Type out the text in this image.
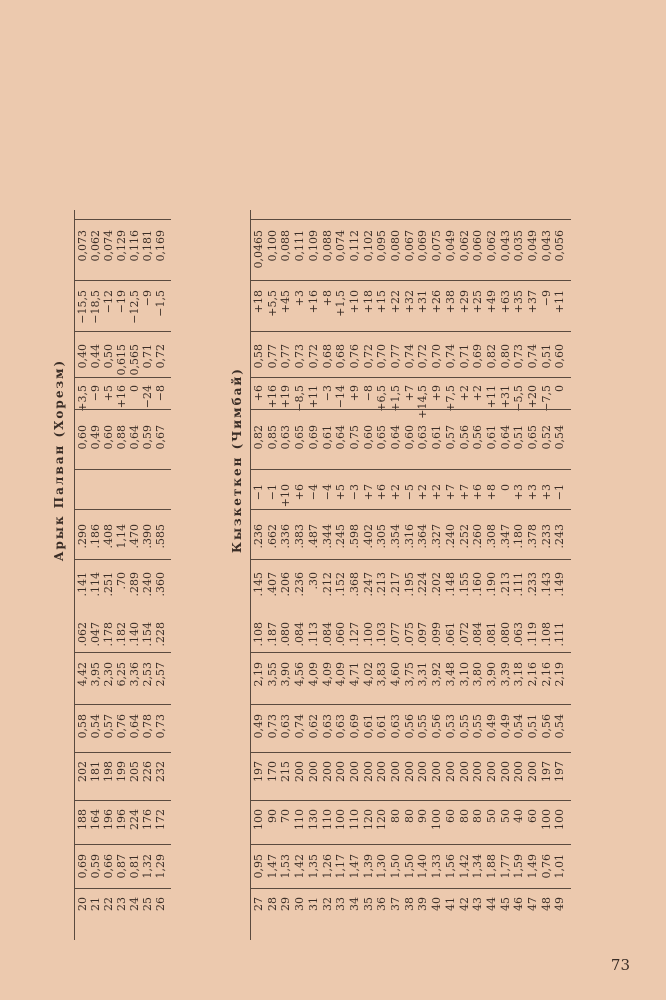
Арык Палван (Хорезм)
20
0,69
188
202
0,58
4,42
.062
.141
.290
0,60
+3,5
0,40
−15,5
0,073
21
0,59
164
181
0,54
3,95
.047
.114
.186
0,49
−9
0,44
−18,5
0,062
22
0,66
196
198
0,57
2,30
.178
.251
.408
0,60
+5
0,50
−12
0,074
23
0,87
196
199
0,76
6,25
.182
.70
1,14
0,88
+16
0,615
−19
0,129
24
0,81
224
205
0,64
3,36
.140
.289
.470
0,64
0
0,565
−12,5
0,116
25
1,32
176
226
0,78
2,53
.154
.240
.390
0,59
−24
0,71
−9
0,181
26
1,29
172
232
0,73
2,57
.228
.360
.585
0,67
−8
0,72
−1,5
0,169
Кызкеткен (Чимбай)
27
0,95
100
197
0,49
2,19
.108
.145
.236
−1
0,82
+6
0,58
+18
0,0465
28
1,47
90
170
0,73
3,55
.187
.407
.662
−1
0,85
+16
0,77
+5,5
0,100
29
1,53
70
215
0,63
3,90
.080
.206
.336
+10
0,63
+19
0,77
+45
0,088
30
1,42
110
200
0,74
4,56
.084
.236
.383
+6
0,65
−8,5
0,73
+3
0,111
31
1,35
130
200
0,62
4,09
.113
.30
.487
−4
0,69
+11
0,72
+16
0,109
32
1,26
110
200
0,63
4,09
.084
.212
.344
−4
0,61
−3
0,68
+8
0,088
33
1,17
100
200
0,63
4,09
.060
.152
.245
+5
0,64
−14
0,68
+1,5
0,074
34
1,47
110
200
0,69
4,71
.127
.368
.598
−3
0,75
+9
0,76
+10
0,112
35
1,39
120
200
0,61
4,02
.100
.247
.402
+7
0,60
−8
0,72
+18
0,102
36
1,30
120
200
0,61
3,83
.103
.213
.305
+6
0,65
+6,5
0,70
+15
0,095
37
1,50
80
200
0,63
4,60
.077
.217
.354
+2
0,64
+1,5
0,77
+22
0,080
38
1,50
80
200
0,56
3,75
.075
.195
.316
−5
0,60
+7
0,74
+32
0,067
39
1,40
90
200
0,55
3,31
.097
.224
.364
+2
0,63
+14,5
0,72
+31
0,069
40
1,33
100
200
0,56
3,92
.099
.202
.327
+2
0,61
+9
0,70
+26
0,075
41
1,56
60
200
0,53
3,48
.061
.148
.240
+7
0,57
+7,5
0,74
+38
0,049
42
1,42
80
200
0,55
3,10
.072
.155
.252
+7
0,56
+2
0,71
+29
0,062
43
1,34
80
200
0,55
3,80
.084
.160
.260
+6
0,56
+2
0,69
+25
0,060
44
1,88
50
200
0,49
3,90
.081
.190
.308
+8
0,61
+11
0,82
+49
0,062
45
1,77
50
200
0,49
3,39
.080
.213
.347
0
0,64
+31
0,80
+63
0,043
46
1,59
40
200
0,54
3,18
.063
.111
.180
+3
0,51
−5,5
0,73
+35
0,035
47
1,49
60
200
0,51
2,16
.119
.233
.378
+3
0,65
+20
0,74
+37
0,049
48
0,76
100
197
0,56
2,16
.108
.143
.233
+3
0,52
−7,5
0,51
−9
0,043
49
1,01
100
197
0,54
2,19
.111
.149
.243
−1
0,54
0
0,60
+11
0,056
73
